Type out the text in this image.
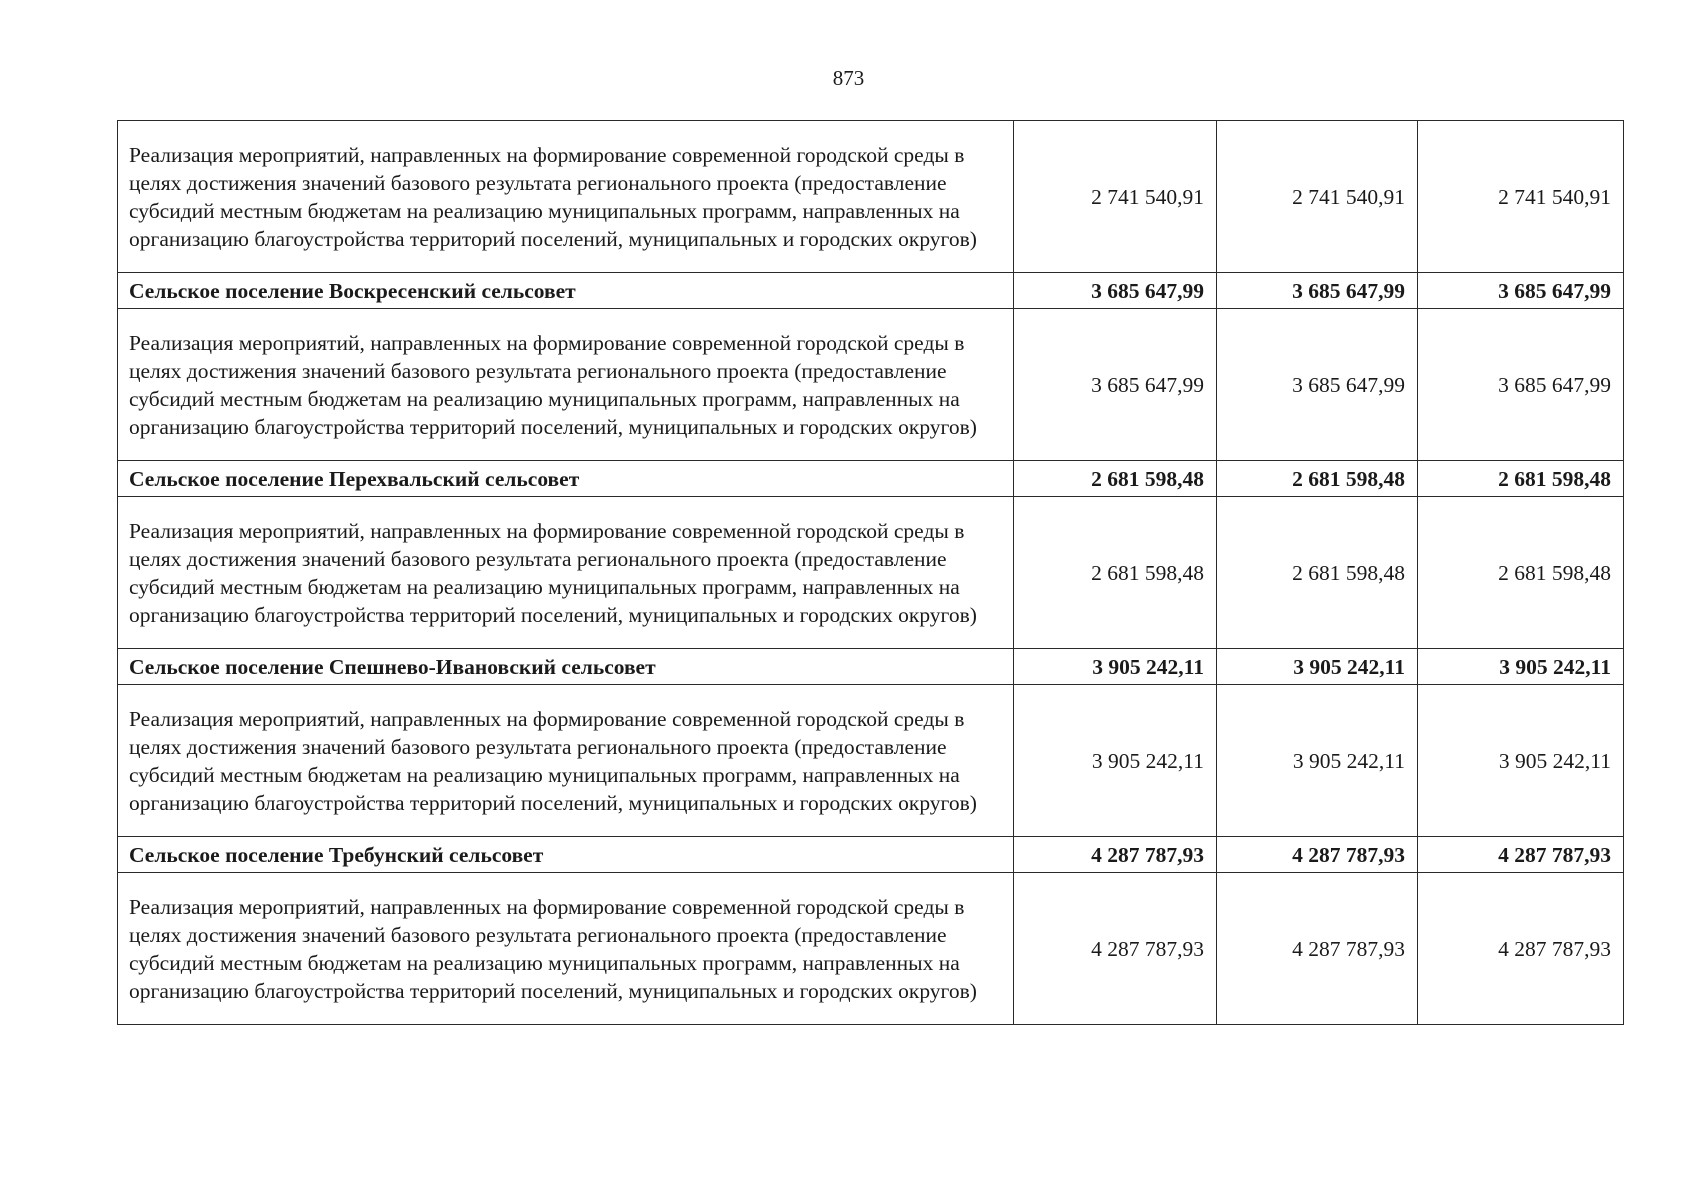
873
Реализация мероприятий, направленных на формирование современной городской среды в целях достижения значений базового результата регионального проекта (предоставление субсидий местным бюджетам на реализацию муниципальных программ, направленных на организацию благоустройства территорий поселений, муниципальных и городских округов)	2 741 540,91	2 741 540,91	2 741 540,91
Сельское поселение Воскресенский сельсовет	3 685 647,99	3 685 647,99	3 685 647,99
Реализация мероприятий, направленных на формирование современной городской среды в целях достижения значений базового результата регионального проекта (предоставление субсидий местным бюджетам на реализацию муниципальных программ, направленных на организацию благоустройства территорий поселений, муниципальных и городских округов)	3 685 647,99	3 685 647,99	3 685 647,99
Сельское поселение Перехвальский сельсовет	2 681 598,48	2 681 598,48	2 681 598,48
Реализация мероприятий, направленных на формирование современной городской среды в целях достижения значений базового результата регионального проекта (предоставление субсидий местным бюджетам на реализацию муниципальных программ, направленных на организацию благоустройства территорий поселений, муниципальных и городских округов)	2 681 598,48	2 681 598,48	2 681 598,48
Сельское поселение Спешнево-Ивановский сельсовет	3 905 242,11	3 905 242,11	3 905 242,11
Реализация мероприятий, направленных на формирование современной городской среды в целях достижения значений базового результата регионального проекта (предоставление субсидий местным бюджетам на реализацию муниципальных программ, направленных на организацию благоустройства территорий поселений, муниципальных и городских округов)	3 905 242,11	3 905 242,11	3 905 242,11
Сельское поселение Требунский сельсовет	4 287 787,93	4 287 787,93	4 287 787,93
Реализация мероприятий, направленных на формирование современной городской среды в целях достижения значений базового результата регионального проекта (предоставление субсидий местным бюджетам на реализацию муниципальных программ, направленных на организацию благоустройства территорий поселений, муниципальных и городских округов)	4 287 787,93	4 287 787,93	4 287 787,93
